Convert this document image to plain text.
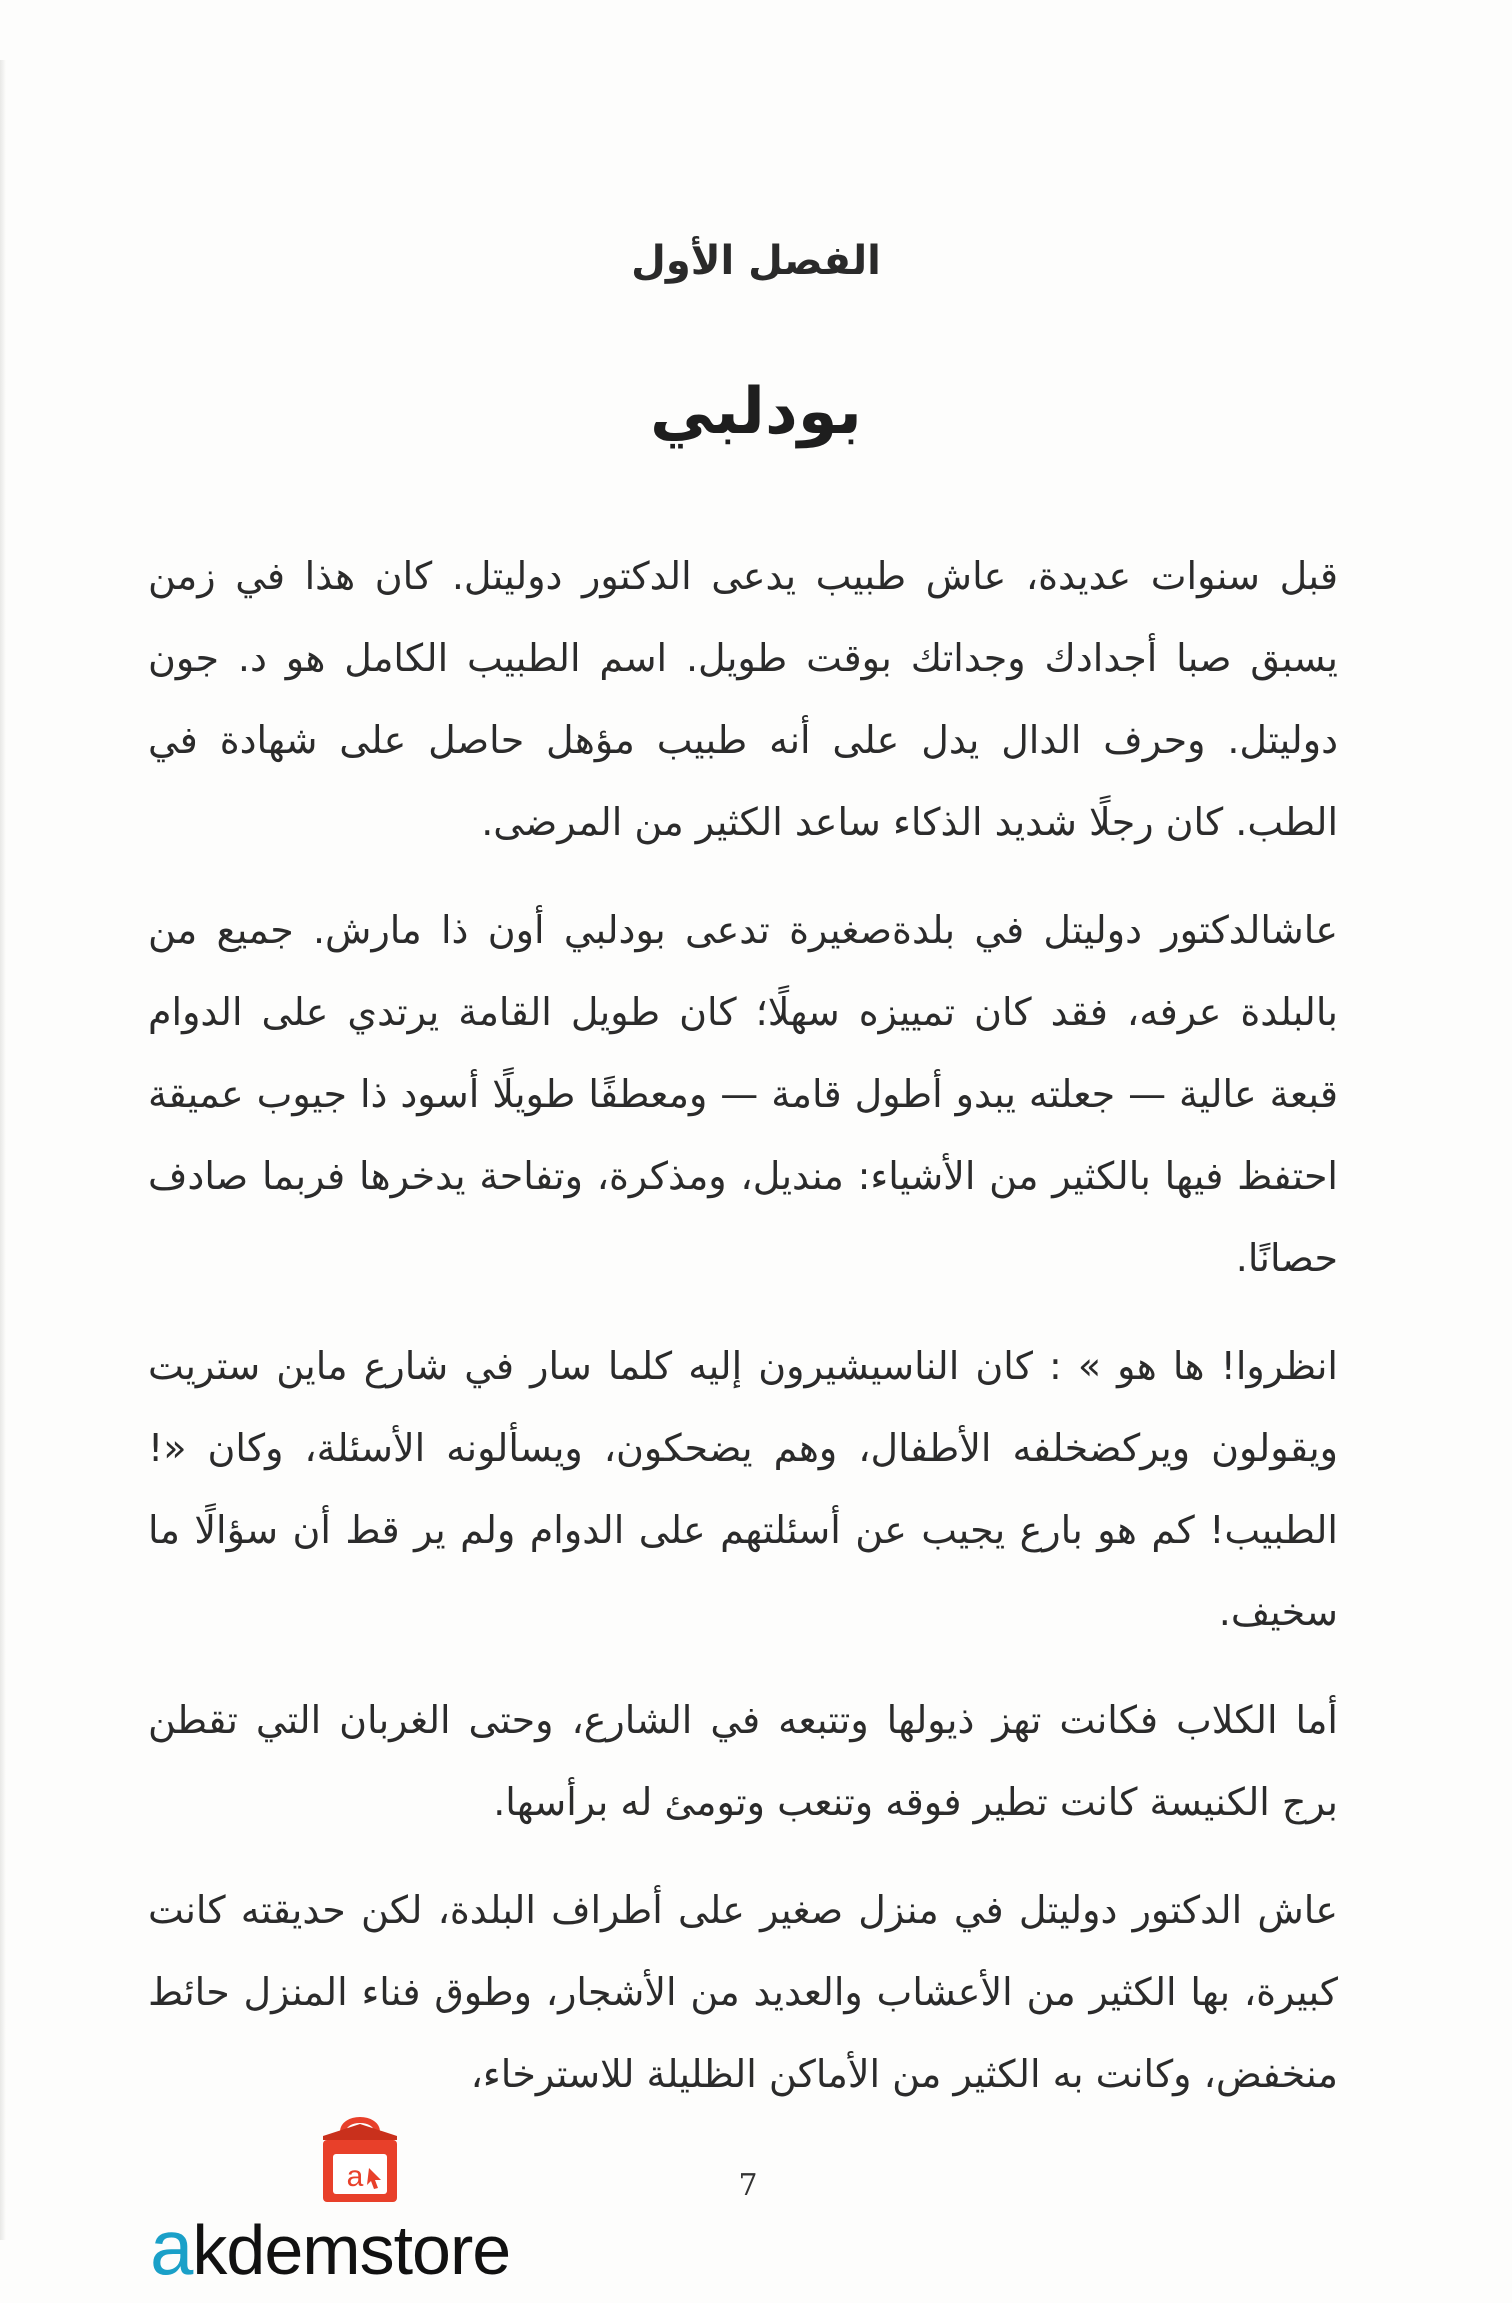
الفصل الأول
بودلبي

قبل سنوات عديدة، عاش طبيب يدعى الدكتور دوليتل. كان هذا في زمن يسبق صبا أجدادك وجداتك بوقت طويل. اسم الطبيب الكامل هو د. جون دوليتل. وحرف الدال يدل على أنه طبيب مؤهل حاصل على شهادة في الطب. كان رجلًا شديد الذكاء ساعد الكثير من المرضى.

عاشالدكتور دوليتل في بلدةصغيرة تدعى بودلبي أون ذا مارش. جميع من بالبلدة عرفه، فقد كان تمييزه سهلًا؛ كان طويل القامة يرتدي على الدوام قبعة عالية — جعلته يبدو أطول قامة — ومعطفًا طويلًا أسود ذا جيوب عميقة احتفظ فيها بالكثير من الأشياء: منديل، ومذكرة، وتفاحة يدخرها فربما صادف حصانًا.

انظروا! ها هو » : كان الناسيشيرون إليه كلما سار في شارع ماين ستريت ويقولون ويركضخلفه الأطفال، وهم يضحكون، ويسألونه الأسئلة، وكان «! الطبيب! كم هو بارع يجيب عن أسئلتهم على الدوام ولم ير قط أن سؤالًا ما سخيف.

أما الكلاب فكانت تهز ذيولها وتتبعه في الشارع، وحتى الغربان التي تقطن برج الكنيسة كانت تطير فوقه وتنعب وتومئ له برأسها.

عاش الدكتور دوليتل في منزل صغير على أطراف البلدة، لكن حديقته كانت كبيرة، بها الكثير من الأعشاب والعديد من الأشجار، وطوق فناء المنزل حائط منخفض، وكانت به الكثير من الأماكن الظليلة للاسترخاء،

7
a
akdemstore
